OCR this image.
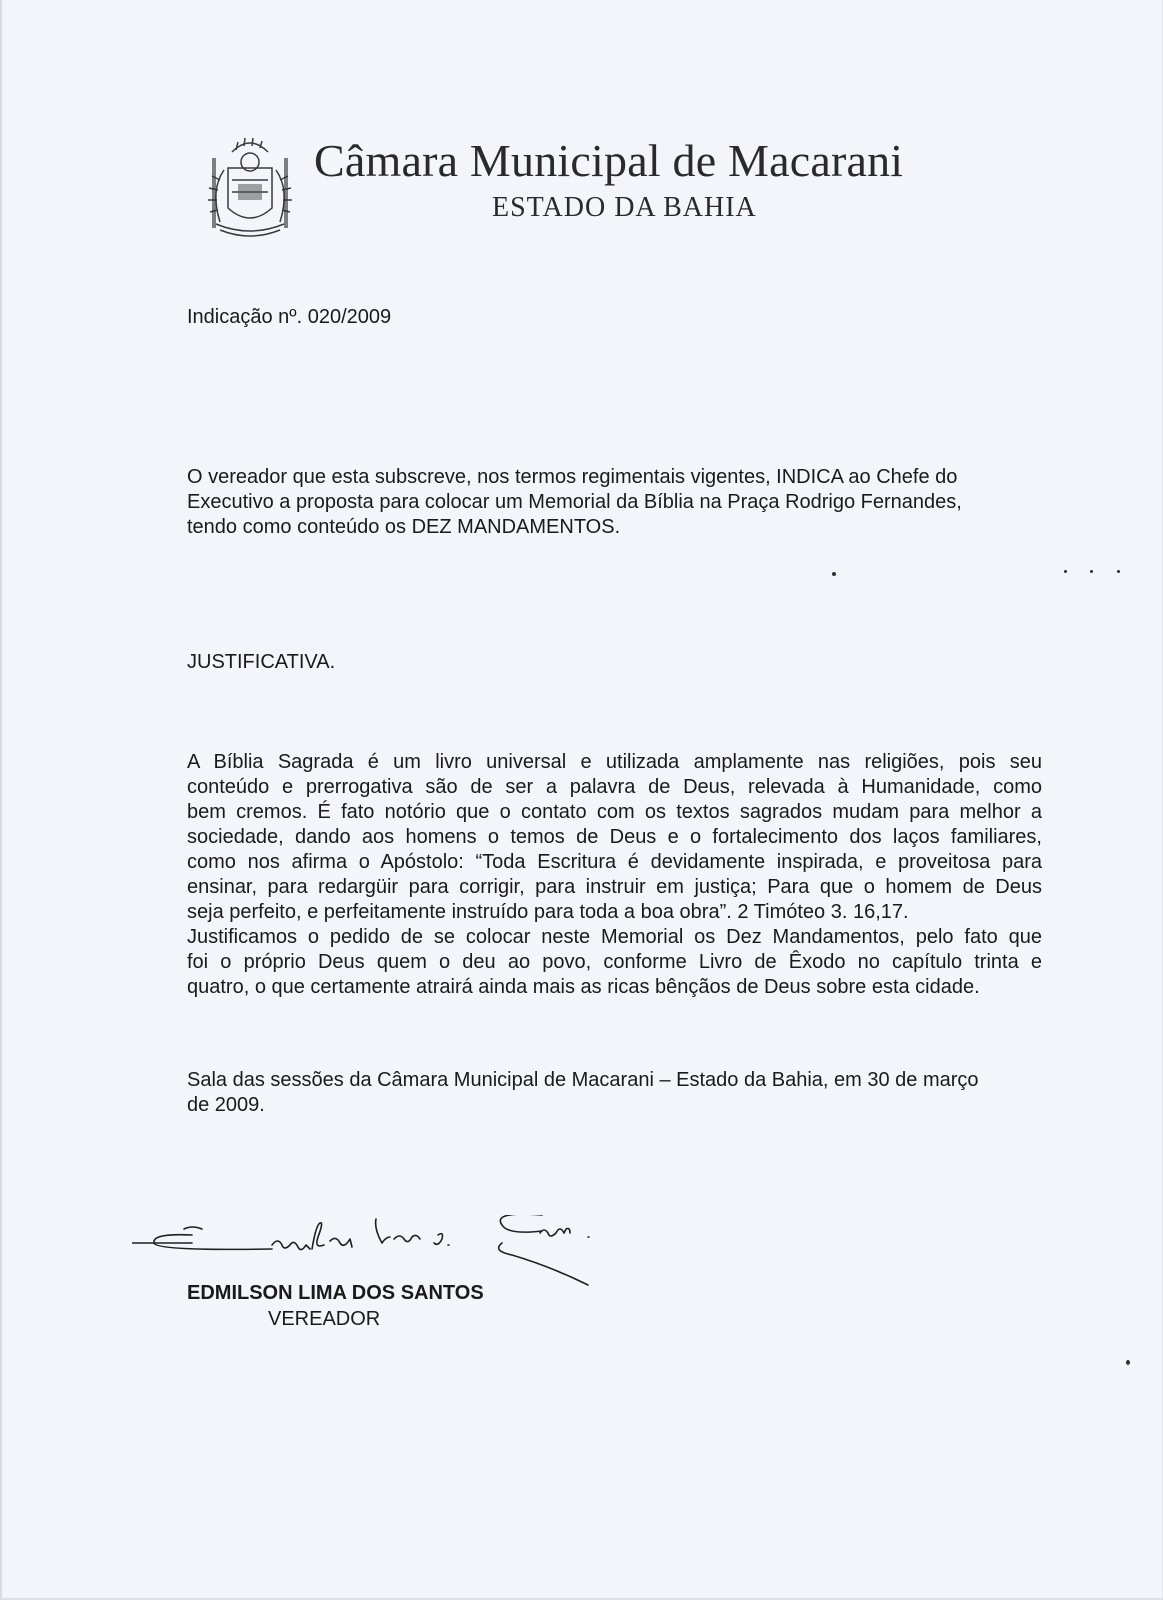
Câmara Municipal de Macarani
ESTADO DA BAHIA
Indicação nº. 020/2009

O vereador que esta subscreve, nos termos regimentais vigentes, INDICA ao Chefe do
Executivo a proposta para colocar um Memorial da Bíblia na Praça Rodrigo Fernandes,
tendo como conteúdo os DEZ MANDAMENTOS.

JUSTIFICATIVA.

A Bíblia Sagrada é um livro universal e utilizada amplamente nas religiões, pois seu
conteúdo e prerrogativa são de ser a palavra de Deus, relevada à Humanidade, como
bem cremos. É fato notório que o contato com os textos sagrados mudam para melhor a
sociedade, dando aos homens o temos de Deus e o fortalecimento dos laços familiares,
como nos afirma o Apóstolo: “Toda Escritura é devidamente inspirada, e proveitosa para
ensinar, para redargüir para corrigir, para instruir em justiça; Para que o homem de Deus
seja perfeito, e perfeitamente instruído para toda a boa obra”. 2 Timóteo 3. 16,17.
Justificamos o pedido de se colocar neste Memorial os Dez Mandamentos, pelo fato que
foi o próprio Deus quem o deu ao povo, conforme Livro de Êxodo no capítulo trinta e
quatro, o que certamente atrairá ainda mais as ricas bênçãos de Deus sobre esta cidade.

Sala das sessões da Câmara Municipal de Macarani – Estado da Bahia, em 30 de março
de 2009.

EDMILSON LIMA DOS SANTOS
VEREADOR
